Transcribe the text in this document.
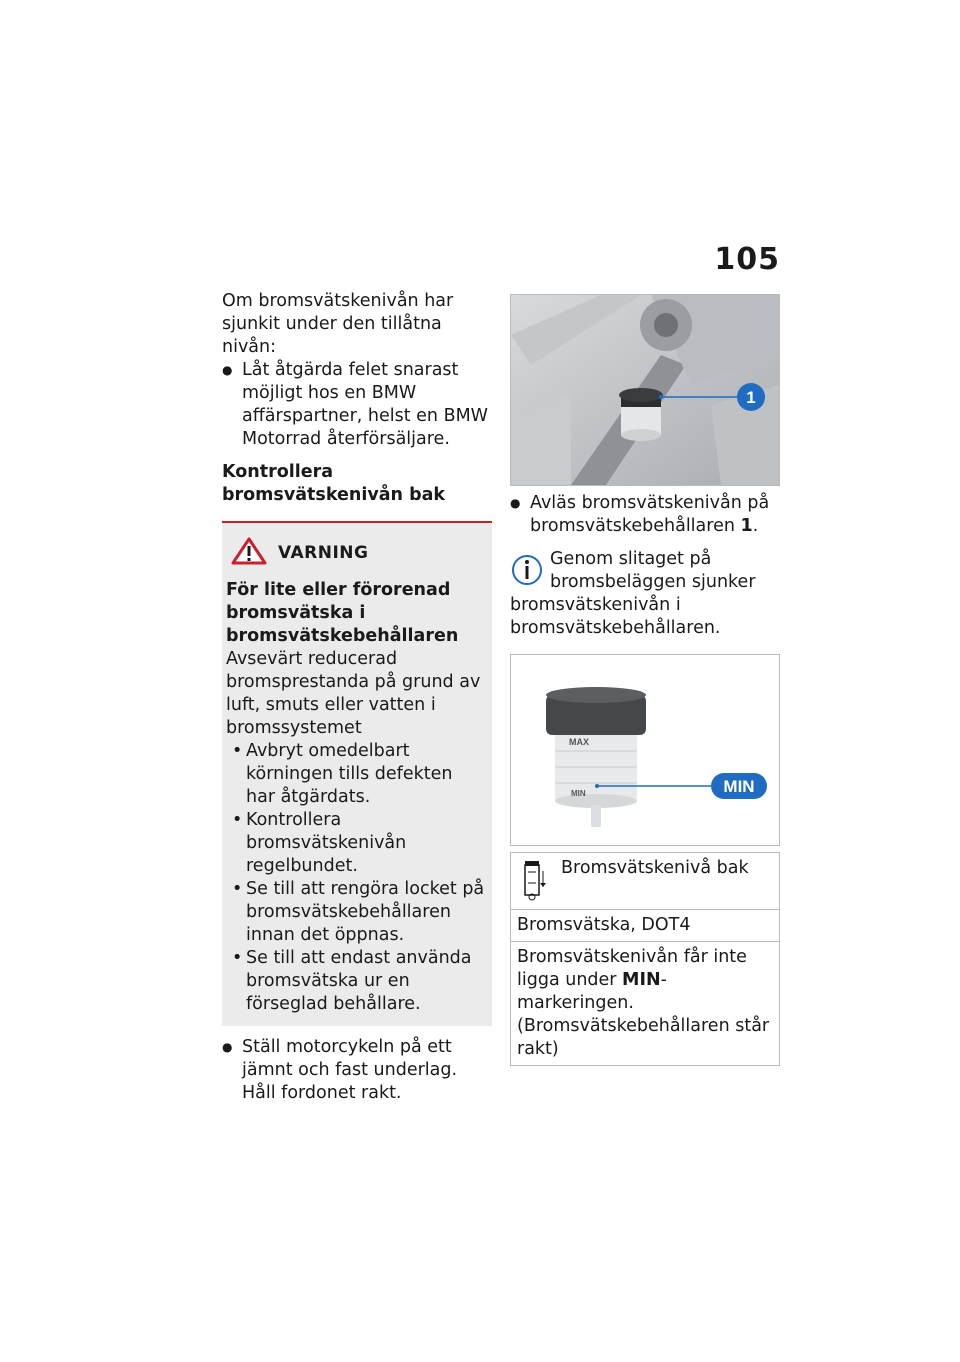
105

Om bromsvätskenivån har sjunkit under den tillåtna nivån:

● Låt åtgärda felet snarast möjligt hos en BMW affärspartner, helst en BMW Motorrad återförsäljare.
Kontrollera bromsvätskenivån bak
VARNING
För lite eller förorenad bromsvätska i bromsvätskebehållaren

Avsevärt reducerad bromsprestanda på grund av luft, smuts eller vatten i bromssystemet

• Avbryt omedelbart körningen tills defekten har åtgärdats.
• Kontrollera bromsvätskenivån regelbundet.
• Se till att rengöra locket på bromsvätskebehållaren innan det öppnas.
• Se till att endast använda bromsvätska ur en förseglad behållare.
● Ställ motorcykeln på ett jämnt och fast underlag. Håll fordonet rakt.
1
● Avläs bromsvätskenivån på bromsvätskebehållaren 1.
Genom slitaget på bromsbeläggen sjunker bromsvätskenivån i bromsvätskebehållaren.
MAX
MIN	MIN
Bromsvätskenivå bak
Bromsvätska, DOT4
Bromsvätskenivån får inte ligga under MIN-markeringen. (Bromsvätskebehållaren står rakt)
